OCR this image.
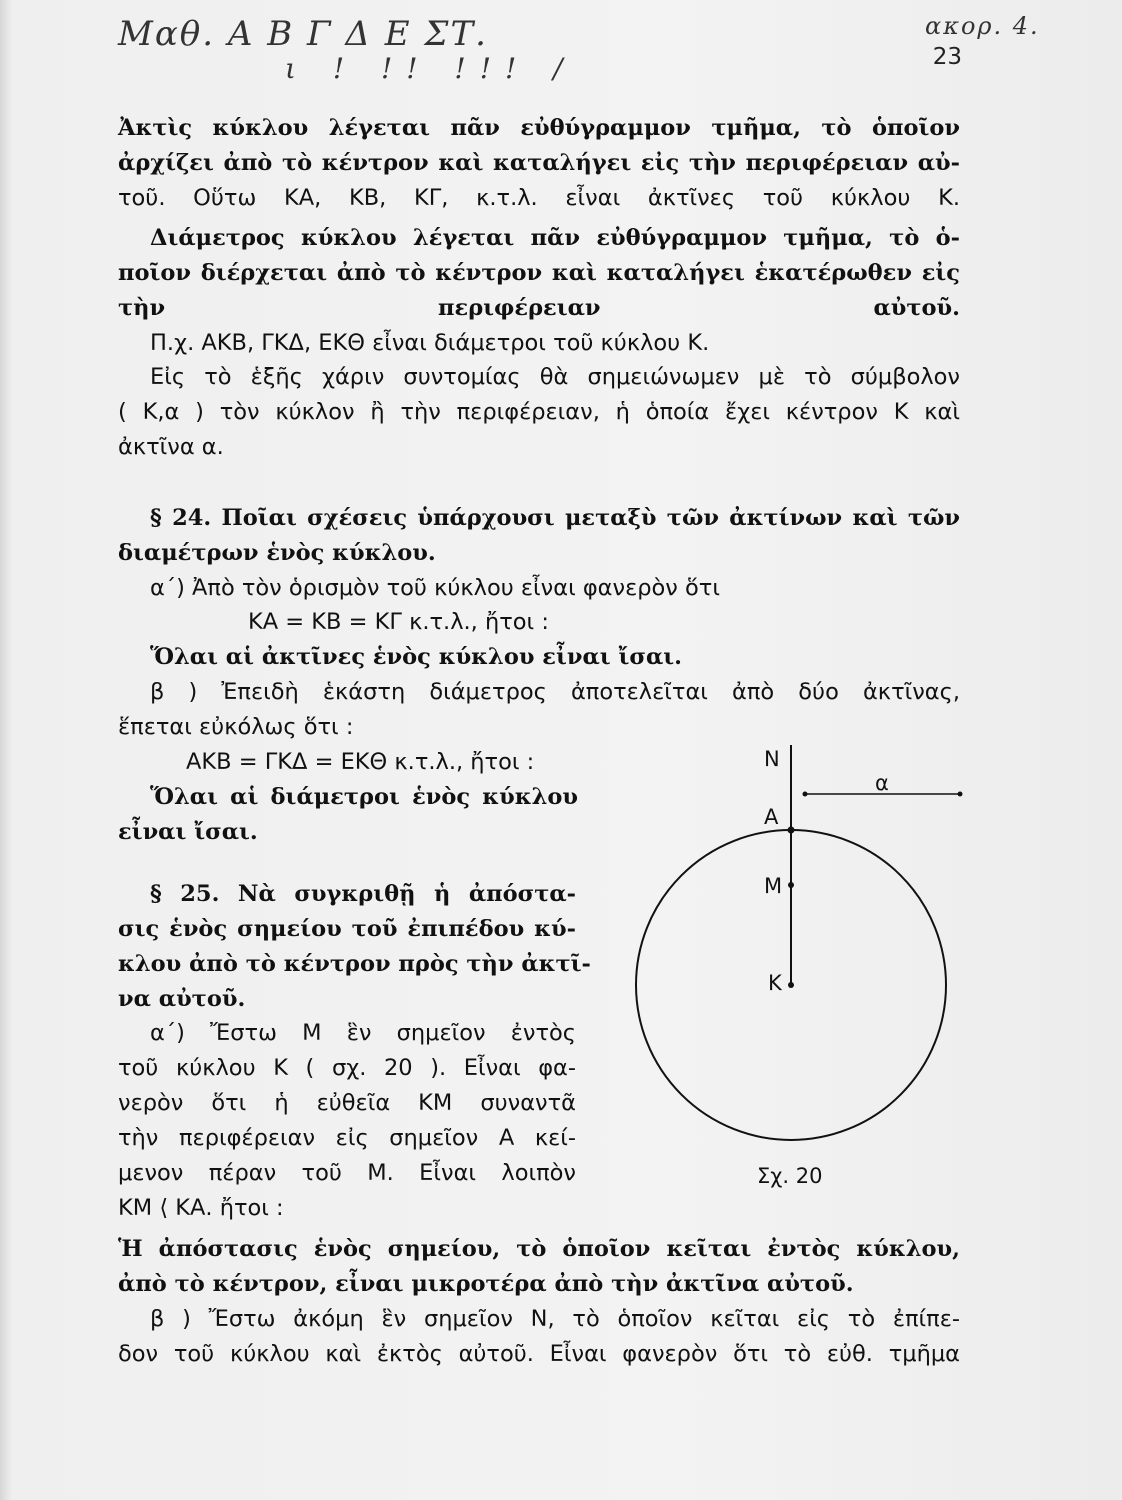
Μαθ. Α Β Γ Δ Ε ΣΤ.
ι ! !! !!! /
ακορ. 4.
23
Ἀκτὶς κύκλου λέγεται πᾶν εὐθύγραμμον τμῆμα, τὸ ὁποῖον
ἀρχίζει ἀπὸ τὸ κέντρον καὶ καταλήγει εἰς τὴν περιφέρειαν αὐ-
τοῦ. Οὕτω ΚΑ, ΚΒ, ΚΓ, κ.τ.λ. εἶναι ἀκτῖνες τοῦ κύκλου Κ.
Διάμετρος κύκλου λέγεται πᾶν εὐθύγραμμον τμῆμα, τὸ ὁ-
ποῖον διέρχεται ἀπὸ τὸ κέντρον καὶ καταλήγει ἑκατέρωθεν εἰς
τὴν περιφέρειαν αὐτοῦ.
Π.χ. ΑΚΒ, ΓΚΔ, ΕΚΘ εἶναι διάμετροι τοῦ κύκλου Κ.
Εἰς τὸ ἑξῆς χάριν συντομίας θὰ σημειώνωμεν μὲ τὸ σύμβολον
( Κ,α ) τὸν κύκλον ἢ τὴν περιφέρειαν, ἡ ὁποία ἔχει κέντρον Κ καὶ
ἀκτῖνα α.
§ 24. Ποῖαι σχέσεις ὑπάρχουσι μεταξὺ τῶν ἀκτίνων καὶ τῶν
διαμέτρων ἑνὸς κύκλου.
α΄) Ἀπὸ τὸν ὁρισμὸν τοῦ κύκλου εἶναι φανερὸν ὅτι
ΚΑ = ΚΒ = ΚΓ κ.τ.λ., ἤτοι :
Ὅλαι αἱ ἀκτῖνες ἑνὸς κύκλου εἶναι ἴσαι.
β ) Ἐπειδὴ ἑκάστη διάμετρος ἀποτελεῖται ἀπὸ δύο ἀκτῖνας,
ἕπεται εὐκόλως ὅτι :
ΑΚΒ = ΓΚΔ = ΕΚΘ κ.τ.λ., ἤτοι :
Ὅλαι αἱ διάμετροι ἑνὸς κύκλου
εἶναι ἴσαι.
§ 25. Νὰ συγκριθῇ ἡ ἀπόστα-
σις ἑνὸς σημείου τοῦ ἐπιπέδου κύ-
κλου ἀπὸ τὸ κέντρον πρὸς τὴν ἀκτῖ-
να αὐτοῦ.
α΄) Ἔστω Μ ἓν σημεῖον ἐντὸς
τοῦ κύκλου Κ ( σχ. 20 ). Εἶναι φα-
νερὸν ὅτι ἡ εὐθεῖα ΚΜ συναντᾶ
τὴν περιφέρειαν εἰς σημεῖον Α κεί-
μενον πέραν τοῦ Μ. Εἶναι λοιπὸν
ΚΜ ⟨ ΚΑ. ἤτοι :
Ἡ ἀπόστασις ἑνὸς σημείου, τὸ ὁποῖον κεῖται ἐντὸς κύκλου,
ἀπὸ τὸ κέντρον, εἶναι μικροτέρα ἀπὸ τὴν ἀκτῖνα αὐτοῦ.
β ) Ἔστω ἀκόμη ἓν σημεῖον Ν, τὸ ὁποῖον κεῖται εἰς τὸ ἐπίπε-
δον τοῦ κύκλου καὶ ἐκτὸς αὐτοῦ. Εἶναι φανερὸν ὅτι τὸ εὐθ. τμῆμα
Ν
Α
Μ
Κ
α
Σχ. 20
